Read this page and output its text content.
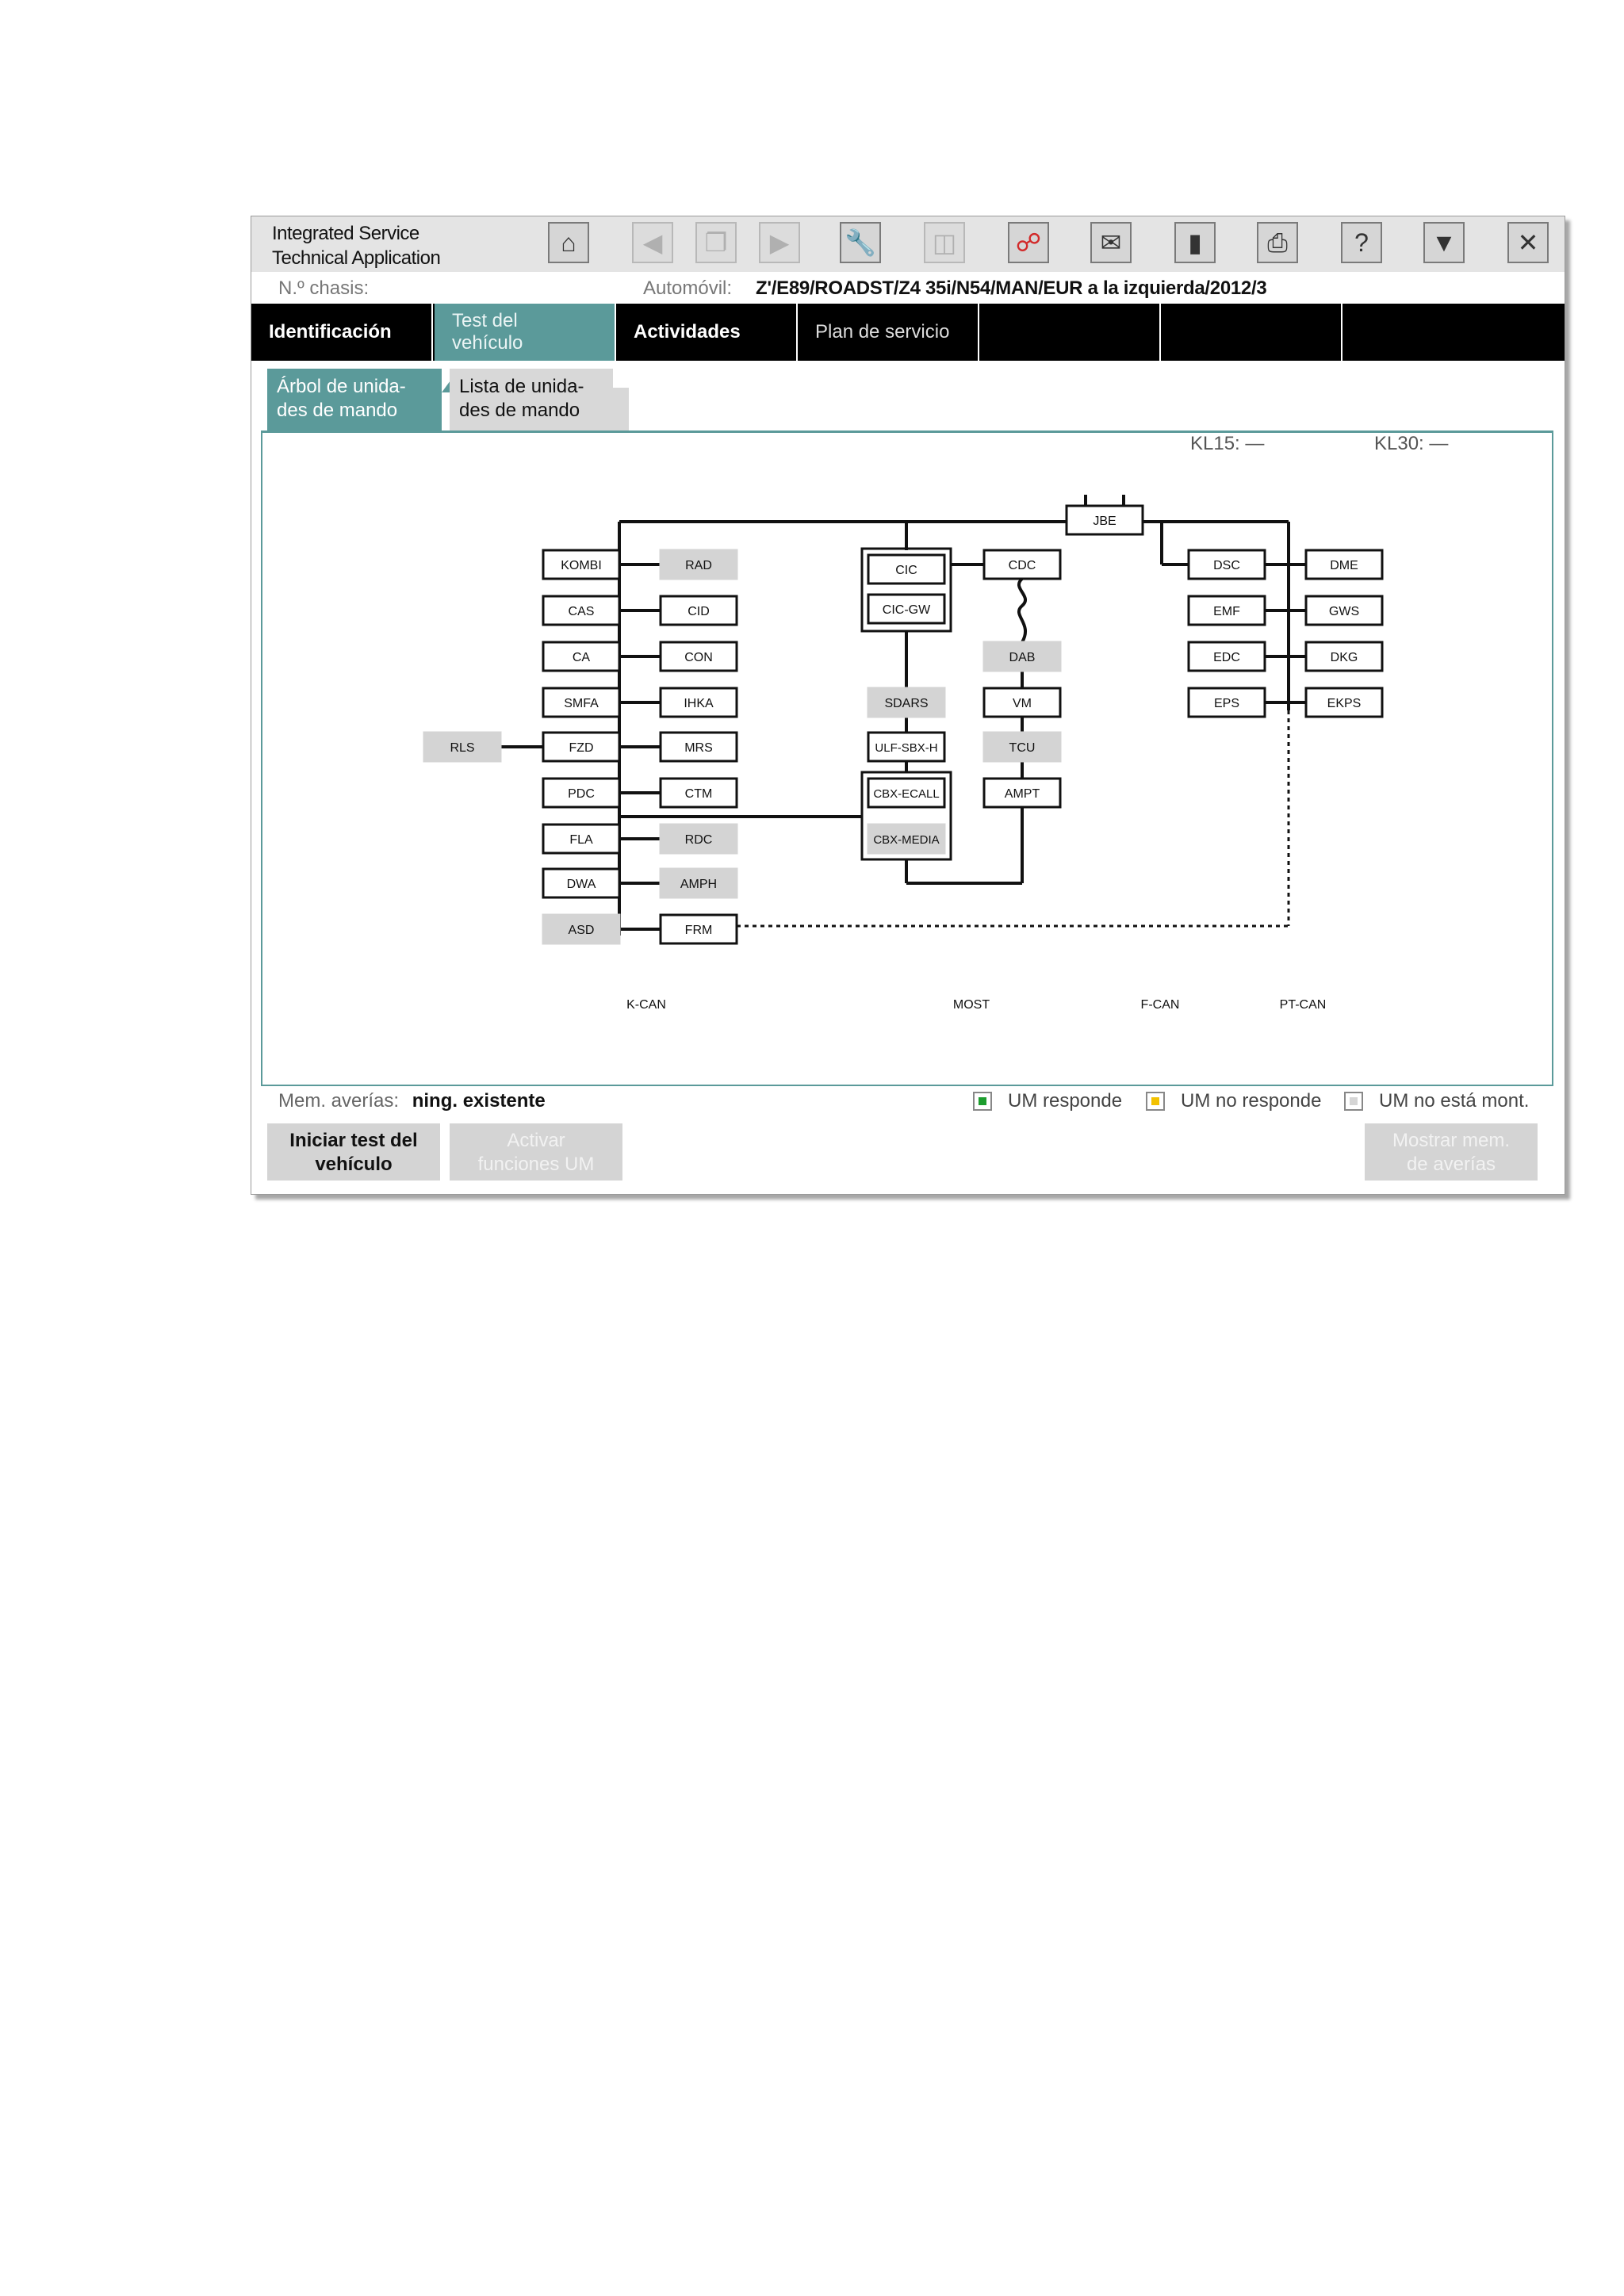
Integrated Service
Technical Application
⌂	◀	❐	▶	🔧	◫	☍	✉	▮	⎙	?	▼	✕
N.º chasis:	Automóvil: Z'/E89/ROADST/Z4 35i/N54/MAN/EUR a la izquierda/2012/3
Identificación
Test del
vehículo
Actividades	Plan de servicio
Árbol de unida-
des de mando
Lista de unida-
des de mando
KL15: —	KL30: —
JBE
KOMBI	RAD
CAS	CID
CA	CON
SMFA	IHKA
RLS	FZD	MRS
PDC	CTM
FLA	RDC
DWA	AMPH
ASD	FRM
CIC
CIC-GW
CDC
DAB
SDARS	VM
ULF-SBX-H	TCU
CBX-ECALL	AMPT
CBX-MEDIA
DSC	DME
EMF	GWS
EDC	DKG
EPS	EKPS
K-CAN	MOST	F-CAN	PT-CAN
Mem. averías: ning. existente	UM responde	UM no responde	UM no está mont.
Iniciar test del
vehículo
Activar
funciones UM
Mostrar mem.
de averías
